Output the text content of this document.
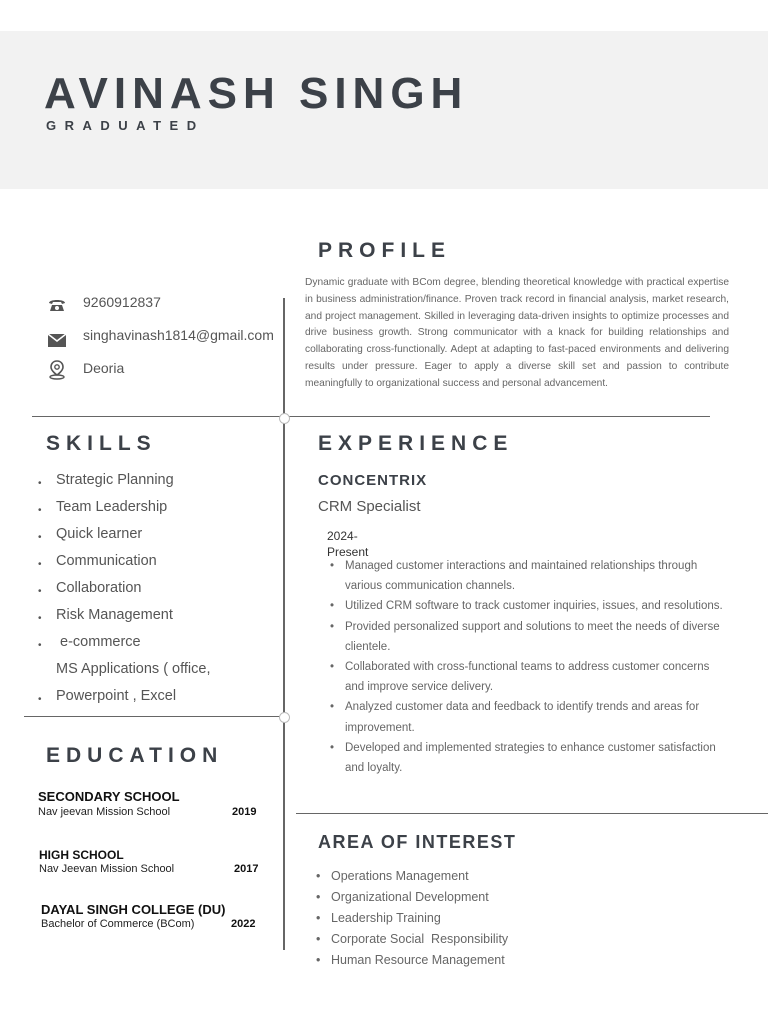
AVINASH SINGH
GRADUATED
PROFILE
Dynamic graduate with BCom degree, blending theoretical knowledge with practical expertise in business administration/finance. Proven track record in financial analysis, market research, and project management. Skilled in leveraging data-driven insights to optimize processes and drive business growth. Strong communicator with a knack for building relationships and collaborating cross-functionally. Adept at adapting to fast-paced environments and delivering results under pressure. Eager to apply a diverse skill set and passion to contribute meaningfully to organizational success and personal advancement.
9260912837
singhavinash1814@gmail.com
Deoria
SKILLS
• Strategic Planning
• Team Leadership
• Quick learner
• Communication
• Collaboration
• Risk Management
• e-commerce
MS Applications ( office,
• Powerpoint , Excel
EDUCATION
SECONDARY SCHOOL
Nav jeevan Mission School	2019
HIGH SCHOOL
Nav Jeevan Mission School	2017
DAYAL SINGH COLLEGE (DU)
Bachelor of Commerce (BCom)	2022
EXPERIENCE
CONCENTRIX
CRM Specialist
2024-
Present
• Managed customer interactions and maintained relationships through various communication channels.
• Utilized CRM software to track customer inquiries, issues, and resolutions.
• Provided personalized support and solutions to meet the needs of diverse clientele.
• Collaborated with cross-functional teams to address customer concerns and improve service delivery.
• Analyzed customer data and feedback to identify trends and areas for improvement.
• Developed and implemented strategies to enhance customer satisfaction and loyalty.
AREA OF INTEREST
• Operations Management
• Organizational Development
• Leadership Training
• Corporate Social  Responsibility
• Human Resource Management
